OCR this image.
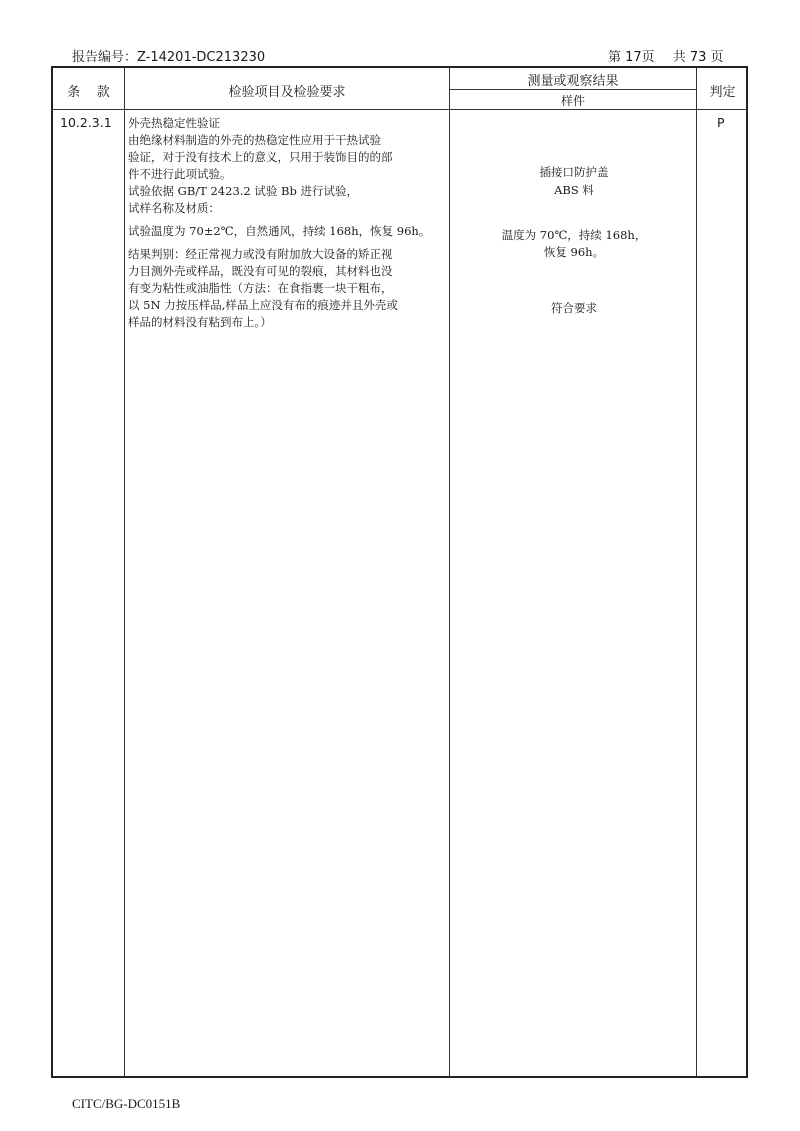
报告编号：Z-14201-DC213230	第 17页 共 73 页
条    款	检验项目及检验要求
测量或观察结果
样件
判定
10.2.3.1 外壳热稳定性验证
由绝缘材料制造的外壳的热稳定性应用于干热试验
验证，对于没有技术上的意义，只用于装饰目的的部
件不进行此项试验。
试验依据 GB/T 2423.2 试验 Bb 进行试验，
试样名称及材质：
试验温度为 70±2℃，自然通风，持续 168h，恢复 96h。
结果判别：经正常视力或没有附加放大设备的矫正视
力目测外壳或样品，既没有可见的裂痕，其材料也没
有变为粘性或油脂性（方法：在食指裹一块干粗布，
以 5N 力按压样品,样品上应没有布的痕迹并且外壳或
样品的材料没有粘到布上。）
插接口防护盖
ABS 料
温度为 70℃，持续 168h，
恢复 96h。
符合要求
P
CITC/BG-DC0151B
